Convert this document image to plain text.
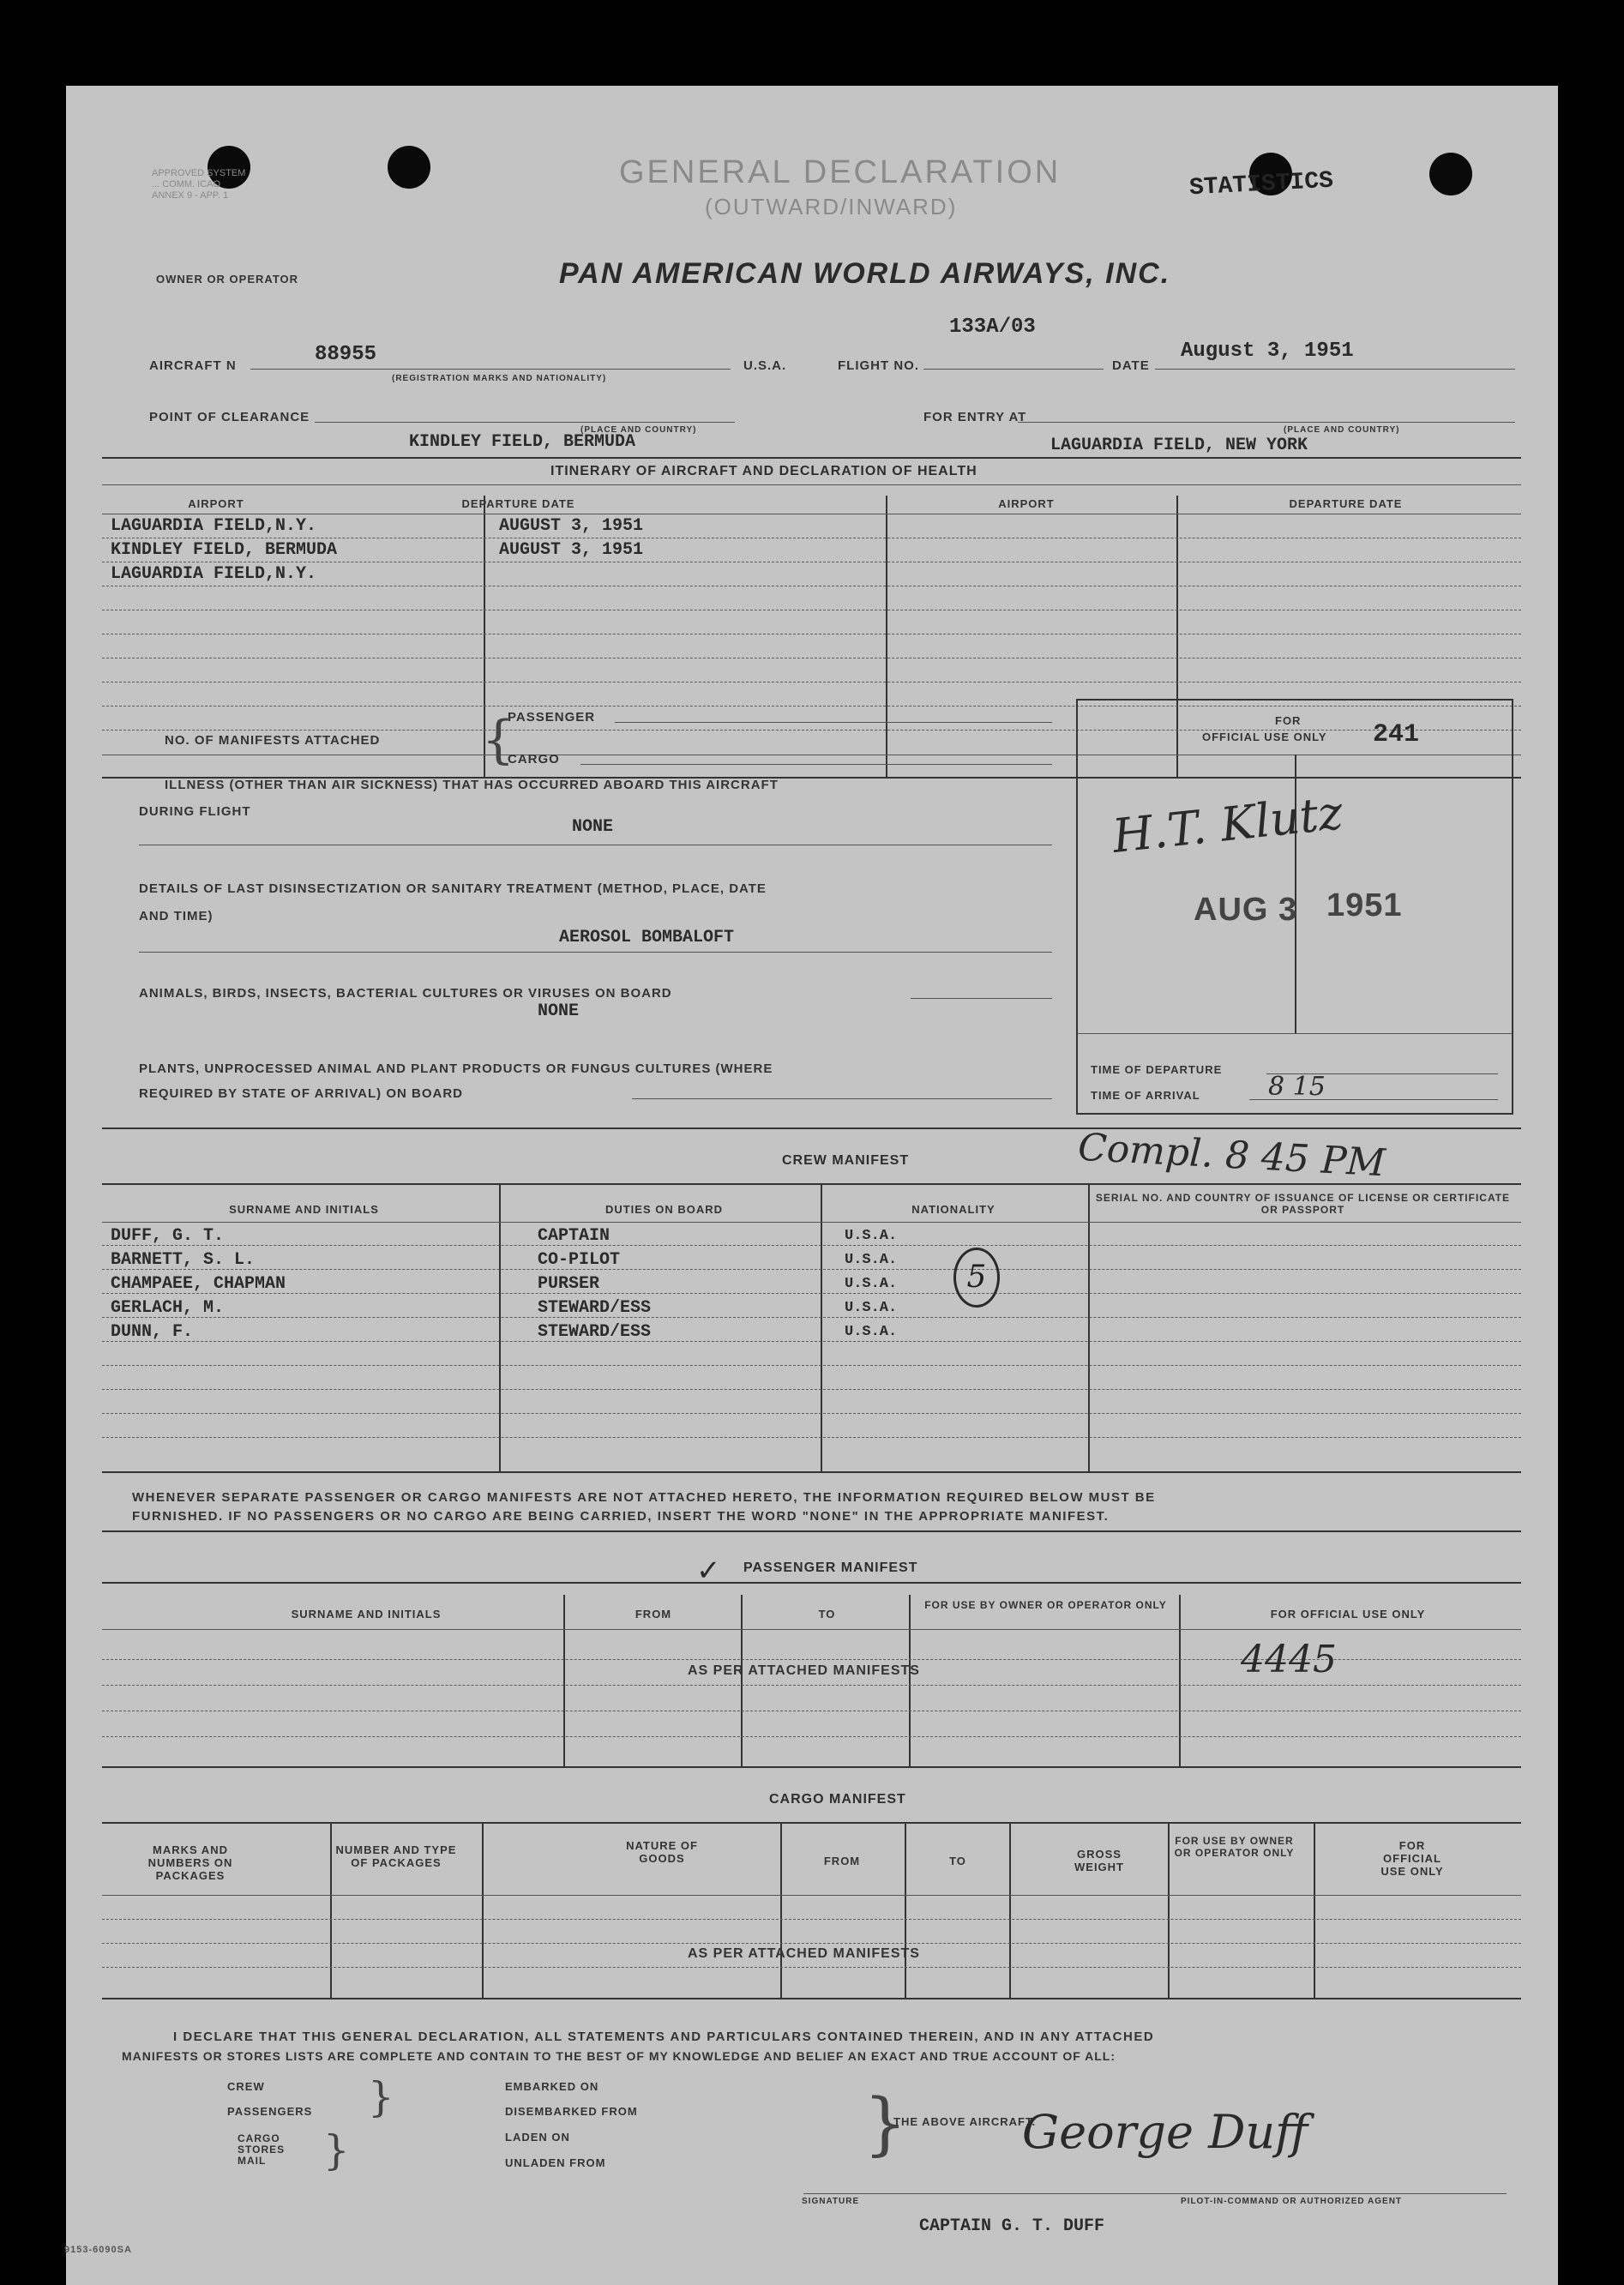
APPROVED SYSTEM ... COMM. ICAO ANNEX 9 - APP. 1
GENERAL DECLARATION
(OUTWARD/INWARD)
STATISTICS
OWNER OR OPERATOR	PAN AMERICAN WORLD AIRWAYS, INC.
AIRCRAFT N	88955	U.S.A.	FLIGHT NO.
133A/03
DATE
August 3, 1951
(REGISTRATION MARKS AND NATIONALITY)
POINT OF CLEARANCE	FOR ENTRY AT
(PLACE AND COUNTRY)	(PLACE AND COUNTRY)
KINDLEY FIELD, BERMUDA	LAGUARDIA FIELD, NEW YORK
ITINERARY OF AIRCRAFT AND DECLARATION OF HEALTH
AIRPORT	DEPARTURE DATE	AIRPORT	DEPARTURE DATE
LAGUARDIA FIELD,N.Y.	AUGUST 3, 1951
KINDLEY FIELD, BERMUDA	AUGUST 3, 1951
LAGUARDIA FIELD,N.Y.
NO. OF MANIFESTS ATTACHED {
PASSENGER
CARGO
ILLNESS (OTHER THAN AIR SICKNESS) THAT HAS OCCURRED ABOARD THIS AIRCRAFT
DURING FLIGHT
NONE
DETAILS OF LAST DISINSECTIZATION OR SANITARY TREATMENT (METHOD, PLACE, DATE
AND TIME)
AEROSOL BOMBALOFT
ANIMALS, BIRDS, INSECTS, BACTERIAL CULTURES OR VIRUSES ON BOARD
NONE
PLANTS, UNPROCESSED ANIMAL AND PLANT PRODUCTS OR FUNGUS CULTURES (WHERE
REQUIRED BY STATE OF ARRIVAL) ON BOARD
FOR
OFFICIAL USE ONLY 241
H.T. Klutz
AUG 3 1951
TIME OF DEPARTURE
TIME OF ARRIVAL	8 15
CREW MANIFEST	Compl. 8 45 PM
SURNAME AND INITIALS	DUTIES ON BOARD	NATIONALITY
SERIAL NO. AND COUNTRY OF ISSUANCE OF LICENSE OR CERTIFICATE OR PASSPORT
DUFF, G. T.	CAPTAIN	U.S.A.
BARNETT, S. L.	CO-PILOT	U.S.A.
CHAMPAEE, CHAPMAN	PURSER	U.S.A.
GERLACH, M.	STEWARD/ESS	U.S.A.
DUNN, F.	STEWARD/ESS	U.S.A.
5
WHENEVER SEPARATE PASSENGER OR CARGO MANIFESTS ARE NOT ATTACHED HERETO, THE INFORMATION REQUIRED BELOW MUST BE
FURNISHED. IF NO PASSENGERS OR NO CARGO ARE BEING CARRIED, INSERT THE WORD "NONE" IN THE APPROPRIATE MANIFEST.
✓ PASSENGER MANIFEST
SURNAME AND INITIALS	FROM	TO
FOR USE BY OWNER OR OPERATOR ONLY
FOR OFFICIAL USE ONLY
AS PER ATTACHED MANIFESTS	4445
CARGO MANIFEST
MARKS AND NUMBERS ON PACKAGES
NUMBER AND TYPE OF PACKAGES
NATURE OF GOODS	FROM	TO
GROSS WEIGHT
FOR USE BY OWNER OR OPERATOR ONLY
FOR OFFICIAL USE ONLY
AS PER ATTACHED MANIFESTS
I DECLARE THAT THIS GENERAL DECLARATION, ALL STATEMENTS AND PARTICULARS CONTAINED THEREIN, AND IN ANY ATTACHED
MANIFESTS OR STORES LISTS ARE COMPLETE AND CONTAIN TO THE BEST OF MY KNOWLEDGE AND BELIEF AN EXACT AND TRUE ACCOUNT OF ALL:
CREW
PASSENGERS }
CARGO
STORES
MAIL }
EMBARKED ON
DISEMBARKED FROM
LADEN ON
UNLADEN FROM	}
THE ABOVE AIRCRAFT.
George Duff
SIGNATURE	PILOT-IN-COMMAND OR AUTHORIZED AGENT
CAPTAIN G. T. DUFF
9153-6090SA
